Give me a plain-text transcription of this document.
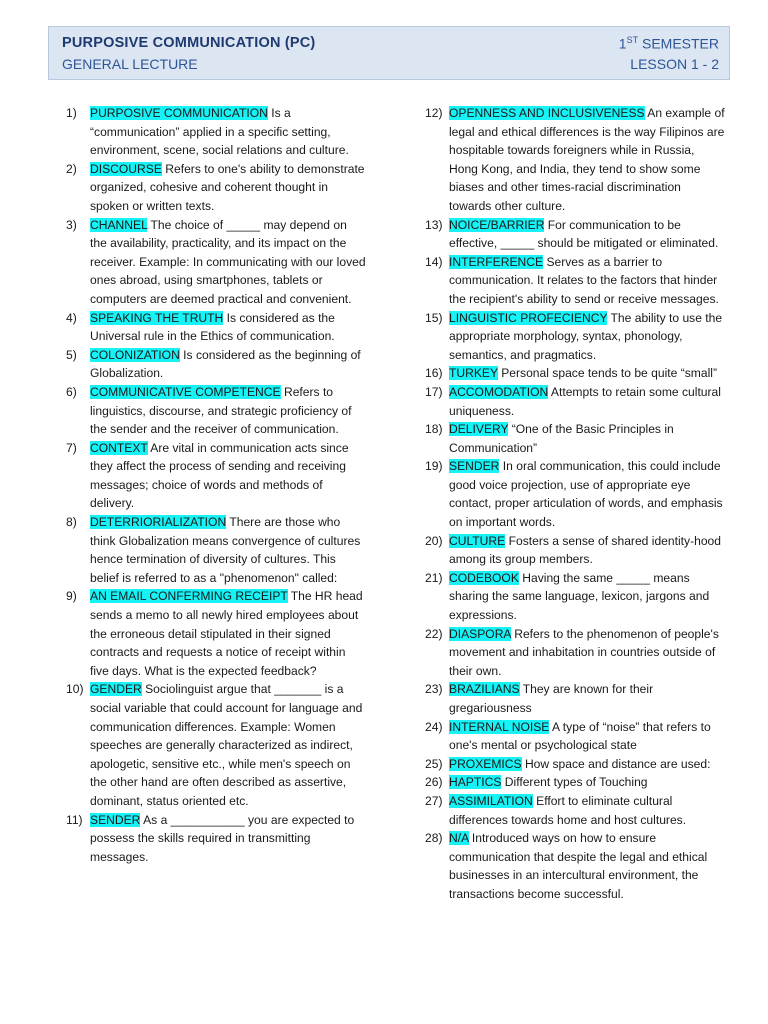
PURPOSIVE COMMUNICATION (PC)
GENERAL LECTURE
1ST SEMESTER
LESSON 1 - 2
1)	PURPOSIVE COMMUNICATION Is a “communication” applied in a specific setting, environment, scene, social relations and culture.
2)	DISCOURSE Refers to one's ability to demonstrate organized, cohesive and coherent thought in spoken or written texts.
3)	CHANNEL The choice of _____ may depend on the availability, practicality, and its impact on the receiver. Example: In communicating with our loved ones abroad, using smartphones, tablets or computers are deemed practical and convenient.
4)	SPEAKING THE TRUTH Is considered as the Universal rule in the Ethics of communication.
5)	COLONIZATION Is considered as the beginning of Globalization.
6)	COMMUNICATIVE COMPETENCE Refers to linguistics, discourse, and strategic proficiency of the sender and the receiver of communication.
7)	CONTEXT Are vital in communication acts since they affect the process of sending and receiving messages; choice of words and methods of delivery.
8)	DETERRIORIALIZATION There are those who think Globalization means convergence of cultures hence termination of diversity of cultures. This belief is referred to as a "phenomenon" called:
9)	AN EMAIL CONFERMING RECEIPT The HR head sends a memo to all newly hired employees about the erroneous detail stipulated in their signed contracts and requests a notice of receipt within five days. What is the expected feedback?
10) GENDER Sociolinguist argue that _______ is a social variable that could account for language and communication differences. Example: Women speeches are generally characterized as indirect, apologetic, sensitive etc., while men's speech on the other hand are often described as assertive, dominant, status oriented etc.
11) SENDER As a ___________ you are expected to possess the skills required in transmitting messages.
12) OPENNESS AND INCLUSIVENESS An example of legal and ethical differences is the way Filipinos are hospitable towards foreigners while in Russia, Hong Kong, and India, they tend to show some biases and other times-racial discrimination towards other culture.
13) NOICE/BARRIER For communication to be effective, _____ should be mitigated or eliminated.
14) INTERFERENCE Serves as a barrier to communication. It relates to the factors that hinder the recipient's ability to send or receive messages.
15) LINGUISTIC PROFECIENCY The ability to use the appropriate morphology, syntax, phonology, semantics, and pragmatics.
16) TURKEY Personal space tends to be quite “small”
17) ACCOMODATION Attempts to retain some cultural uniqueness.
18) DELIVERY “One of the Basic Principles in Communication”
19) SENDER In oral communication, this could include good voice projection, use of appropriate eye contact, proper articulation of words, and emphasis on important words.
20) CULTURE Fosters a sense of shared identity-hood among its group members.
21) CODEBOOK Having the same _____ means sharing the same language, lexicon, jargons and expressions.
22) DIASPORA Refers to the phenomenon of people's movement and inhabitation in countries outside of their own.
23) BRAZILIANS They are known for their gregariousness
24) INTERNAL NOISE A type of “noise” that refers to one's mental or psychological state
25) PROXEMICS How space and distance are used:
26) HAPTICS Different types of Touching
27) ASSIMILATION Effort to eliminate cultural differences towards home and host cultures.
28) N/A Introduced ways on how to ensure communication that despite the legal and ethical businesses in an intercultural environment, the transactions become successful.
